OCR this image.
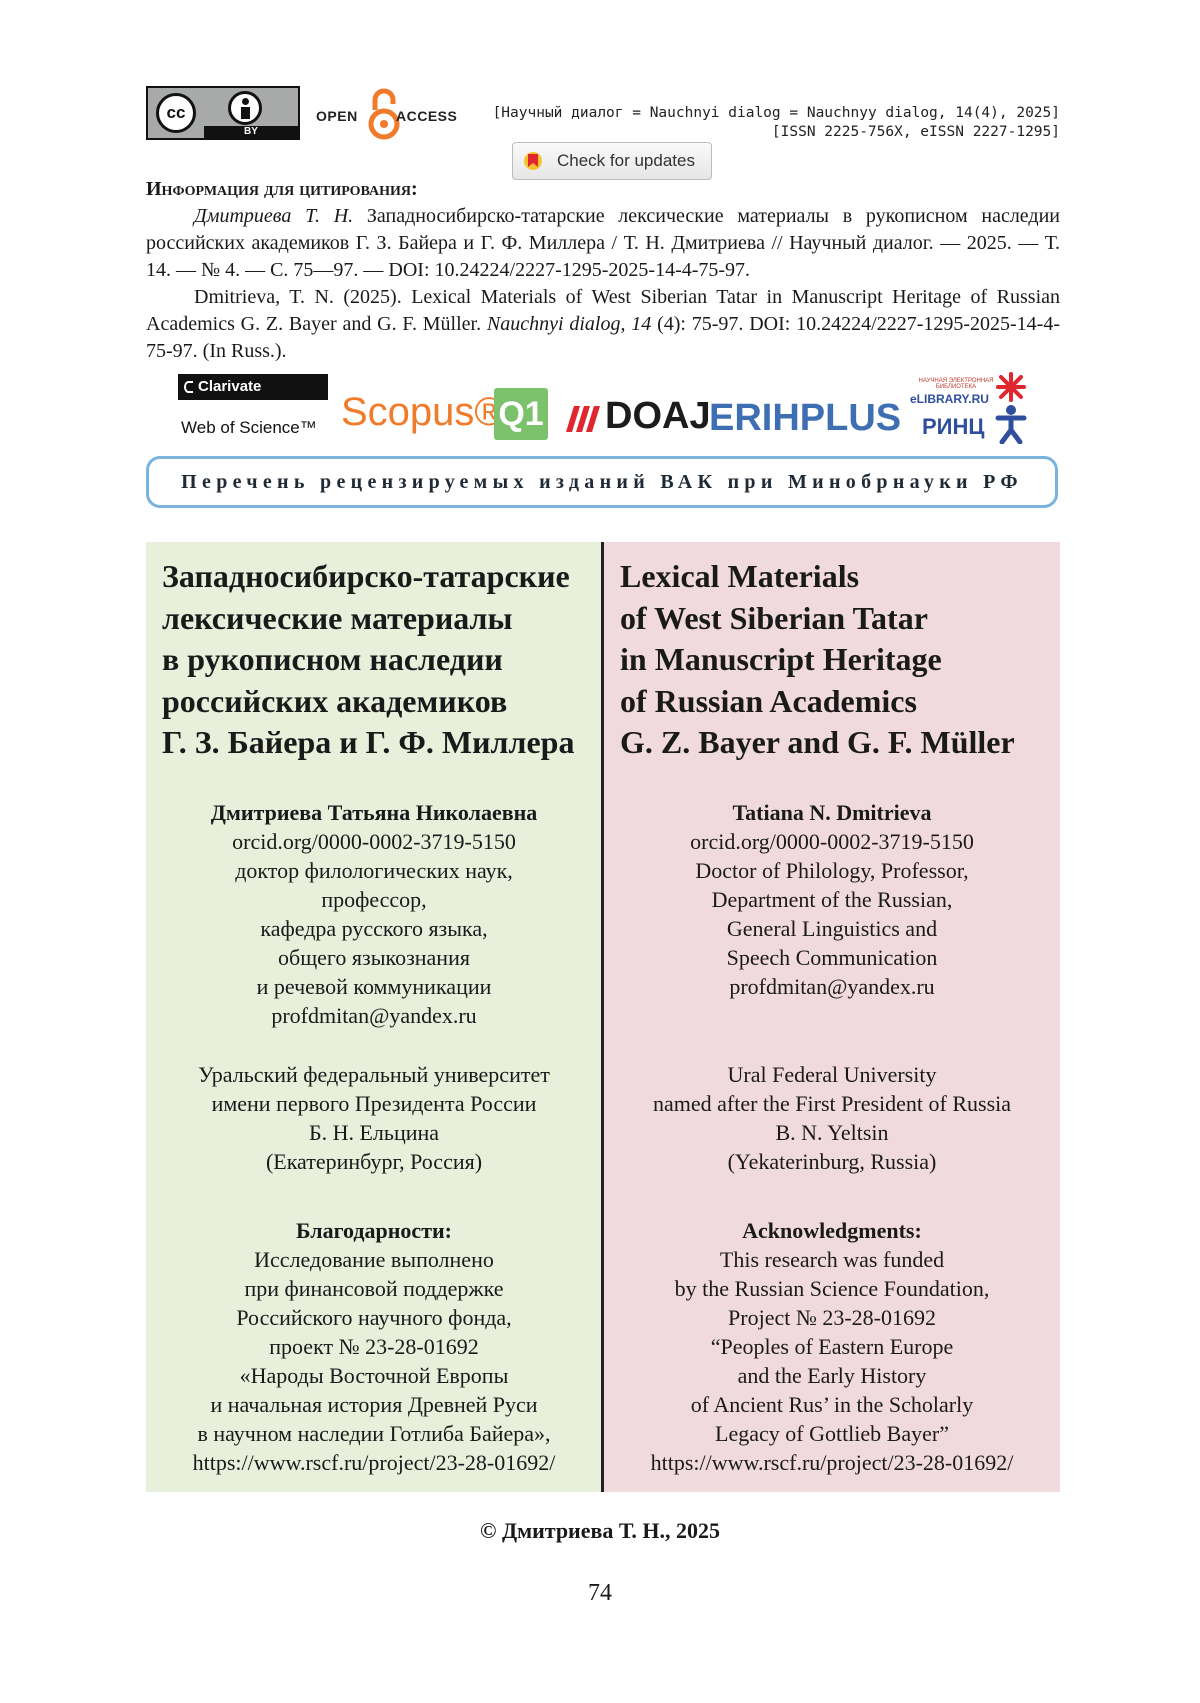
cc
BY
OPEN	ACCESS [Научный диалог = Nauchnyi dialog = Nauchnyy dialog, 14(4), 2025]
[ISSN 2225-756X, eISSN 2227-1295]
Check for updates
Информация для цитирования:
Дмитриева Т. Н. Западносибирско-татарские лексические материалы в рукописном наследии российских академиков Г. З. Байера и Г. Ф. Миллера / Т. Н. Дмитриева // Научный диалог. — 2025. — Т. 14. — № 4. — С. 75—97. — DOI: 10.24224/2227-1295-2025-14-4-75-97.
Dmitrieva, T. N. (2025). Lexical Materials of West Siberian Tatar in Manuscript Heritage of Russian Academics G. Z. Bayer and G. F. Müller. Nauchnyi dialog, 14 (4): 75-97. DOI: 10.24224/2227-1295-2025-14-4-75-97. (In Russ.).
Clarivate
Web of Science™ Scopus®
Q1 DOAJ
ERIHPLUS
НАУЧНАЯ ЭЛЕКТРОННАЯ БИБЛИОТЕКА
eLIBRARY.RU
РИНЦ
Перечень рецензируемых изданий ВАК при Минобрнауки РФ
Западносибирско-татарские
лексические материалы
в рукописном наследии
российских академиков
Г. З. Байера и Г. Ф. Миллера
Дмитриева Татьяна Николаевна
orcid.org/0000-0002-3719-5150
доктор филологических наук,
профессор,
кафедра русского языка,
общего языкознания
и речевой коммуникации
profdmitan@yandex.ru
Уральский федеральный университет
имени первого Президента России
Б. Н. Ельцина
(Екатеринбург, Россия)
Благодарности:
Исследование выполнено
при финансовой поддержке
Российского научного фонда,
проект № 23-28-01692
«Народы Восточной Европы
и начальная история Древней Руси
в научном наследии Готлиба Байера»,
https://www.rscf.ru/project/23-28-01692/
Lexical Materials
of West Siberian Tatar
in Manuscript Heritage
of Russian Academics
G. Z. Bayer and G. F. Müller
Tatiana N. Dmitrieva
orcid.org/0000-0002-3719-5150
Doctor of Philology, Professor,
Department of the Russian,
General Linguistics and
Speech Communication
profdmitan@yandex.ru
Ural Federal University
named after the First President of Russia
B. N. Yeltsin
(Yekaterinburg, Russia)
Acknowledgments:
This research was funded
by the Russian Science Foundation,
Project № 23-28-01692
“Peoples of Eastern Europe
and the Early History
of Ancient Rus’ in the Scholarly
Legacy of Gottlieb Bayer”
https://www.rscf.ru/project/23-28-01692/
© Дмитриева Т. Н., 2025
74
